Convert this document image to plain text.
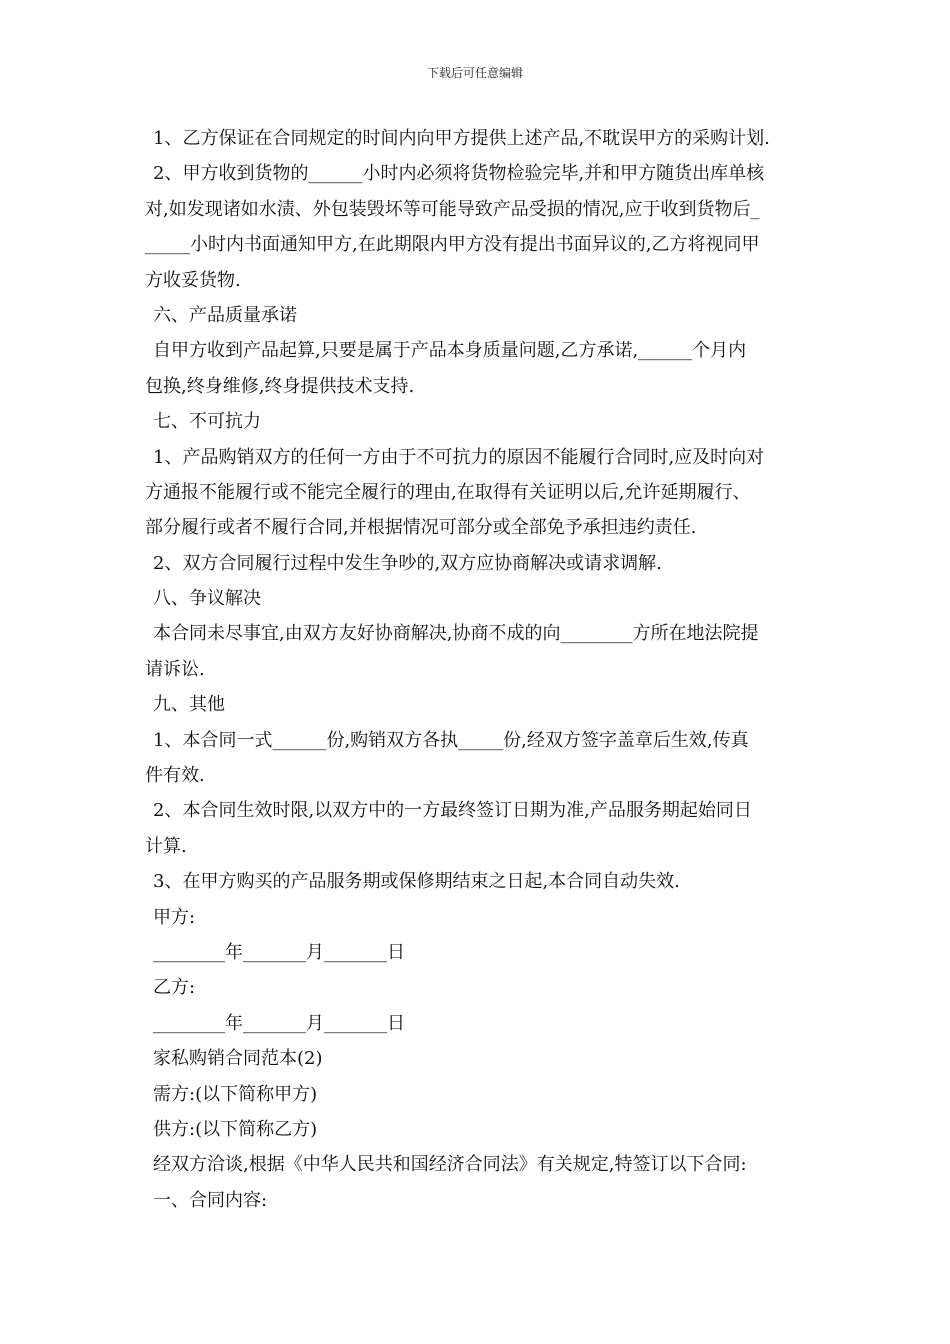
下载后可任意编辑
1、乙方保证在合同规定的时间内向甲方提供上述产品,不耽误甲方的采购计划.
2、甲方收到货物的______小时内必须将货物检验完毕,并和甲方随货出库单核
对,如发现诸如水渍、外包装毁坏等可能导致产品受损的情况,应于收到货物后_
_____小时内书面通知甲方,在此期限内甲方没有提出书面异议的,乙方将视同甲
方收妥货物.
六、产品质量承诺
自甲方收到产品起算,只要是属于产品本身质量问题,乙方承诺,______个月内
包换,终身维修,终身提供技术支持.
七、不可抗力
1、产品购销双方的任何一方由于不可抗力的原因不能履行合同时,应及时向对
方通报不能履行或不能完全履行的理由,在取得有关证明以后,允许延期履行、
部分履行或者不履行合同,并根据情况可部分或全部免予承担违约责任.
2、双方合同履行过程中发生争吵的,双方应协商解决或请求调解.
八、争议解决
本合同未尽事宜,由双方友好协商解决,协商不成的向________方所在地法院提
请诉讼.
九、其他
1、本合同一式______份,购销双方各执_____份,经双方签字盖章后生效,传真
件有效.
2、本合同生效时限,以双方中的一方最终签订日期为准,产品服务期起始同日
计算.
3、在甲方购买的产品服务期或保修期结束之日起,本合同自动失效.
甲方:
________年_______月_______日
乙方:
________年_______月_______日
家私购销合同范本(2)
需方:(以下简称甲方)
供方:(以下简称乙方)
经双方洽谈,根据《中华人民共和国经济合同法》有关规定,特签订以下合同:
一、合同内容:
